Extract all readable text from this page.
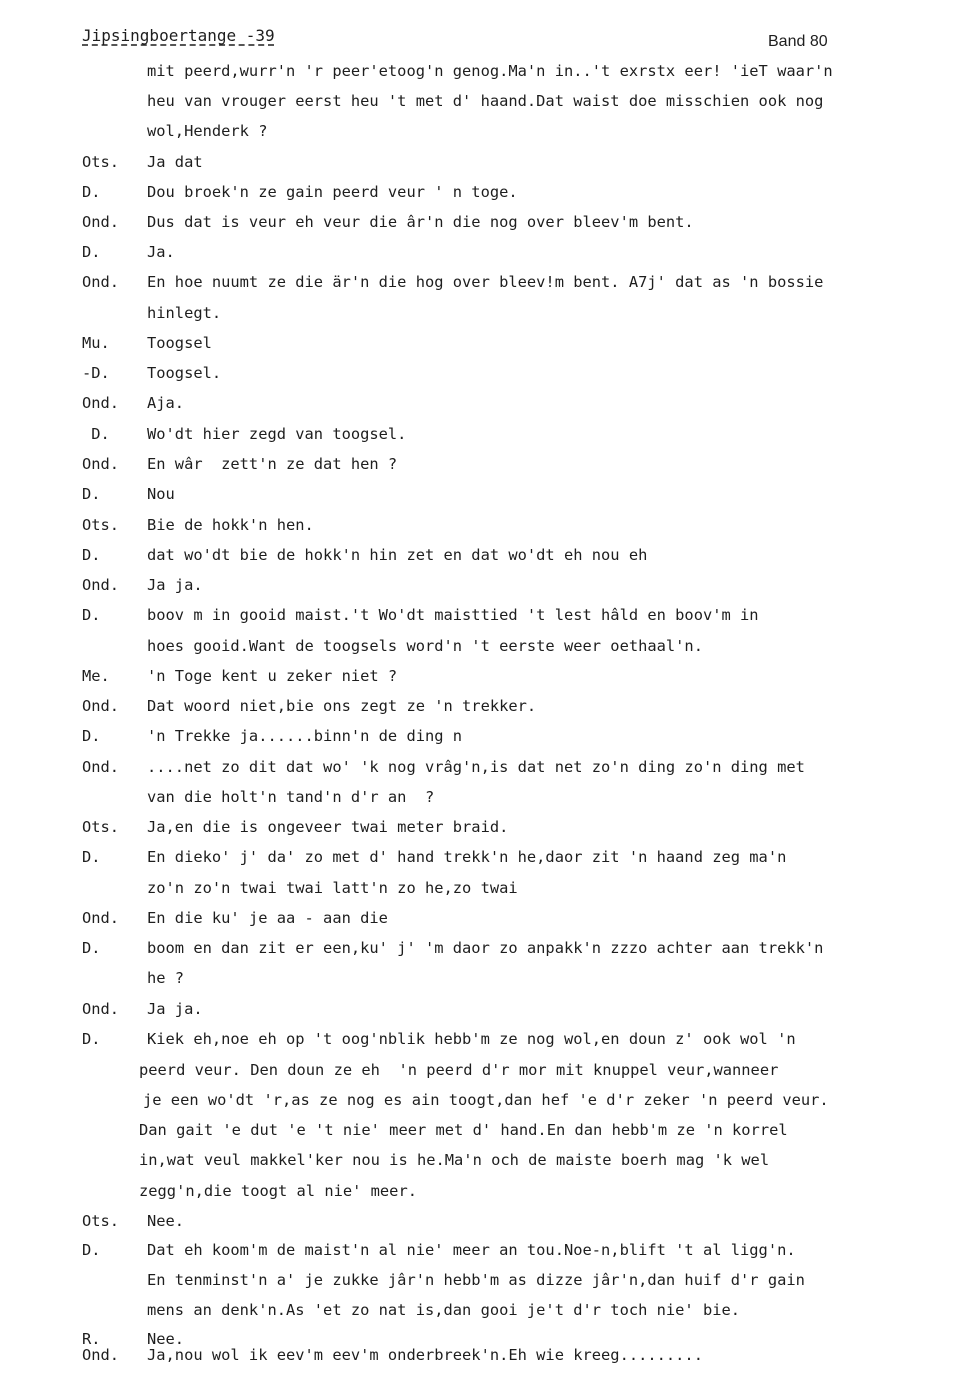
Jipsingboertange -39	Band 80
mit peerd,wurr'n 'r peer'etoog'n genog.Ma'n in..'t exrstx eer! 'ieT waar'n
heu van vrouger eerst heu 't met d' haand.Dat waist doe misschien ook nog
wol,Henderk ?
Ots. Ja dat
D.	Dou broek'n ze gain peerd veur ' n toge.
Ond. Dus dat is veur eh veur die âr'n die nog over bleev'm bent.
D.	Ja.
Ond. En hoe nuumt ze die är'n die hog over bleev!m bent. A7j' dat as 'n bossie
hinlegt.
Mu. Toogsel
-D. Toogsel.
Ond. Aja.
D. Wo'dt hier zegd van toogsel.
Ond. En wâr  zett'n ze dat hen ?
D.	Nou
Ots. Bie de hokk'n hen.
D.	dat wo'dt bie de hokk'n hin zet en dat wo'dt eh nou eh
Ond. Ja ja.
D.	boov m in gooid maist.'t Wo'dt maisttied 't lest hâld en boov'm in
hoes gooid.Want de toogsels word'n 't eerste weer oethaal'n.
Me. 'n Toge kent u zeker niet ?
Ond. Dat woord niet,bie ons zegt ze 'n trekker.
D.	'n Trekke ja......binn'n de ding n
Ond. ....net zo dit dat wo' 'k nog vrâg'n,is dat net zo'n ding zo'n ding met
van die holt'n tand'n d'r an  ?
Ots. Ja,en die is ongeveer twai meter braid.
D.	En dieko' j' da' zo met d' hand trekk'n he,daor zit 'n haand zeg ma'n
zo'n zo'n twai twai latt'n zo he,zo twai
Ond. En die ku' je aa - aan die
D.	boom en dan zit er een,ku' j' 'm daor zo anpakk'n zzzo achter aan trekk'n
he ?
Ond. Ja ja.
D.	Kiek eh,noe eh op 't oog'nblik hebb'm ze nog wol,en doun z' ook wol 'n
peerd veur. Den doun ze eh  'n peerd d'r mor mit knuppel veur,wanneer
je een wo'dt 'r,as ze nog es ain toogt,dan hef 'e d'r zeker 'n peerd veur.
Dan gait 'e dut 'e 't nie' meer met d' hand.En dan hebb'm ze 'n korrel
in,wat veul makkel'ker nou is he.Ma'n och de maiste boerh mag 'k wel
zegg'n,die toogt al nie' meer.
Ots. Nee.
D.	Dat eh koom'm de maist'n al nie' meer an tou.Noe-n,blift 't al ligg'n.
En tenminst'n a' je zukke jâr'n hebb'm as dizze jâr'n,dan huif d'r gain
mens an denk'n.As 'et zo nat is,dan gooi je't d'r toch nie' bie.
R.	Nee.
Ond. Ja,nou wol ik eev'm eev'm onderbreek'n.Eh wie kreeg.........
